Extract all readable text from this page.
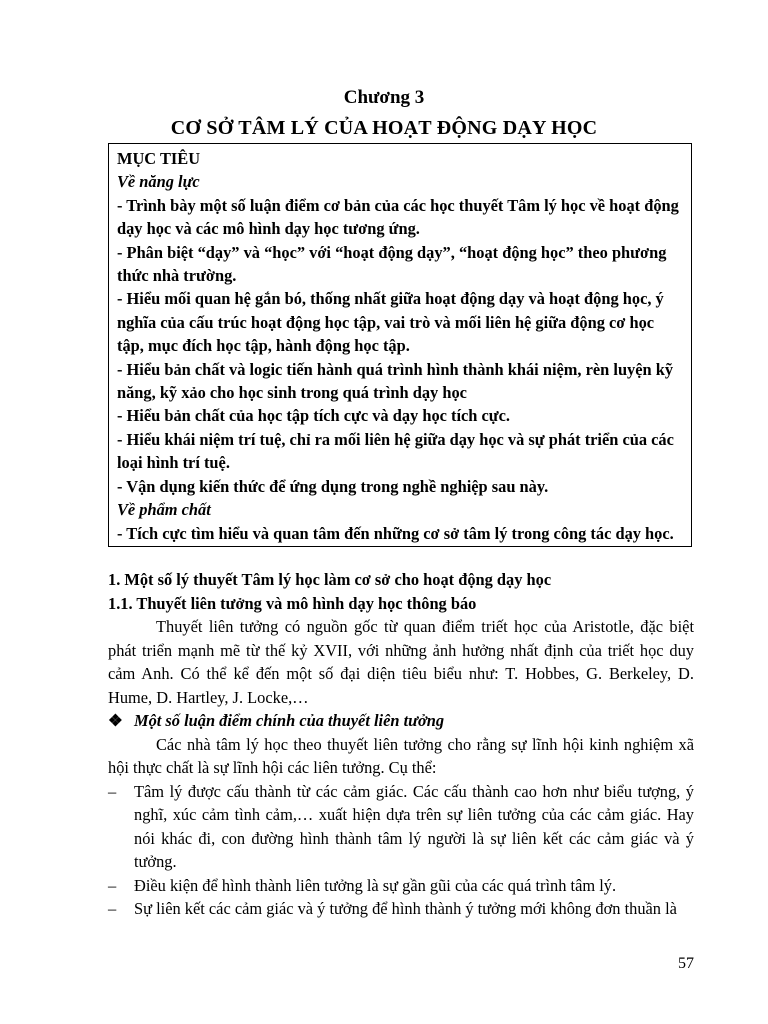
Chương 3
CƠ SỞ TÂM LÝ CỦA HOẠT ĐỘNG DẠY HỌC

MỤC TIÊU

Về năng lực

- Trình bày một số luận điểm cơ bản của các học thuyết Tâm lý học về hoạt động dạy học và các mô hình dạy học tương ứng.

- Phân biệt “dạy” và “học” với “hoạt động dạy”, “hoạt động học” theo phương thức nhà trường.

- Hiểu mối quan hệ gắn bó, thống nhất giữa hoạt động dạy và hoạt động học, ý nghĩa của cấu trúc hoạt động học tập, vai trò và mối liên hệ giữa động cơ học tập, mục đích học tập, hành động học tập.

- Hiểu bản chất và logic tiến hành quá trình hình thành khái niệm, rèn luyện kỹ năng, kỹ xảo cho học sinh trong quá trình dạy học

- Hiểu bản chất của học tập tích cực và dạy học tích cực.

- Hiểu khái niệm trí tuệ, chỉ ra mối liên hệ giữa dạy học và sự phát triển của các loại hình trí tuệ.

- Vận dụng kiến thức để ứng dụng trong nghề nghiệp sau này.

Về phẩm chất

- Tích cực tìm hiểu và quan tâm đến những cơ sở tâm lý trong công tác dạy học.

1. Một số lý thuyết Tâm lý học làm cơ sở cho hoạt động dạy học

1.1. Thuyết liên tưởng và mô hình dạy học thông báo

Thuyết liên tưởng có nguồn gốc từ quan điểm triết học của Aristotle, đặc biệt phát triển mạnh mẽ từ thế kỷ XVII, với những ảnh hưởng nhất định của triết học duy cảm Anh. Có thể kể đến một số đại diện tiêu biểu như: T. Hobbes, G. Berkeley, D. Hume, D. Hartley, J. Locke,…

❖ Một số luận điểm chính của thuyết liên tưởng

Các nhà tâm lý học theo thuyết liên tưởng cho rằng sự lĩnh hội kinh nghiệm xã hội thực chất là sự lĩnh hội các liên tưởng. Cụ thể:

– Tâm lý được cấu thành từ các cảm giác. Các cấu thành cao hơn như biểu tượng, ý nghĩ, xúc cảm tình cảm,… xuất hiện dựa trên sự liên tưởng của các cảm giác. Hay nói khác đi, con đường hình thành tâm lý người là sự liên kết các cảm giác và ý tưởng.

– Điều kiện để hình thành liên tưởng là sự gần gũi của các quá trình tâm lý.

– Sự liên kết các cảm giác và ý tưởng để hình thành ý tưởng mới không đơn thuần là

57
